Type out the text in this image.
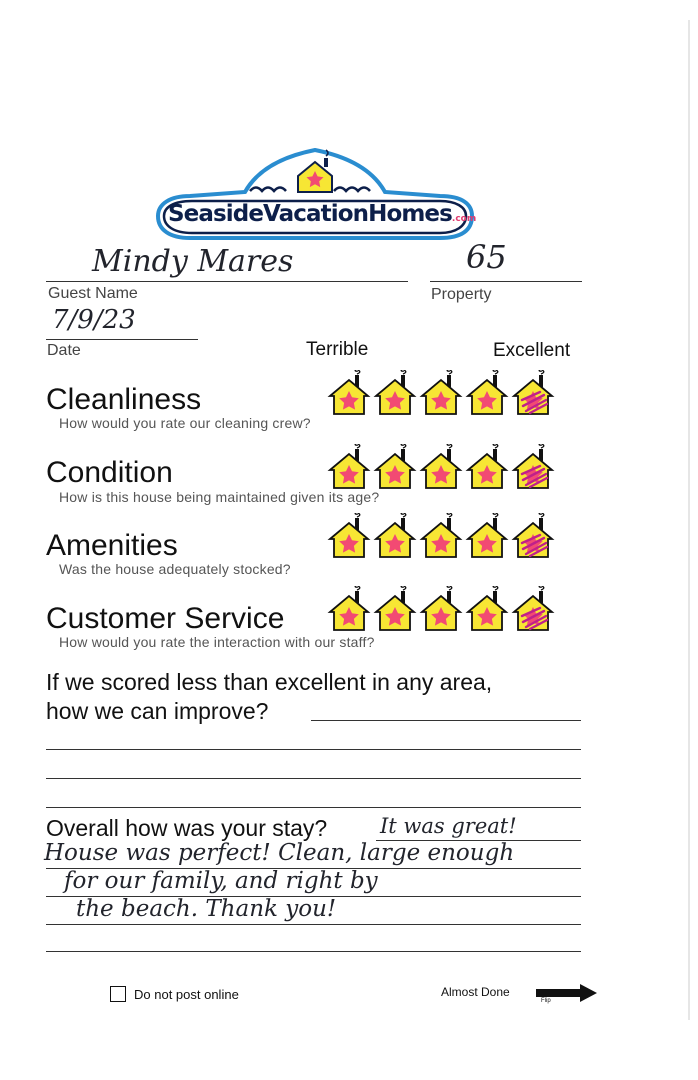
SeasideVacationHomes.com
Mindy Mares
Guest Name
65
Property
7/9/23
Date	Terrible	Excellent
Cleanliness
How would you rate our cleaning crew?
Condition
How is this house being maintained given its age?
Amenities
Was the house adequately stocked?
Customer Service
How would you rate the interaction with our staff?
If we scored less than excellent in any area,
how we can improve?
Overall how was your stay?	It was great!
House was perfect! Clean, large enough
for our family, and right by
the beach. Thank you!
Do not post online	Almost Done
Flip
